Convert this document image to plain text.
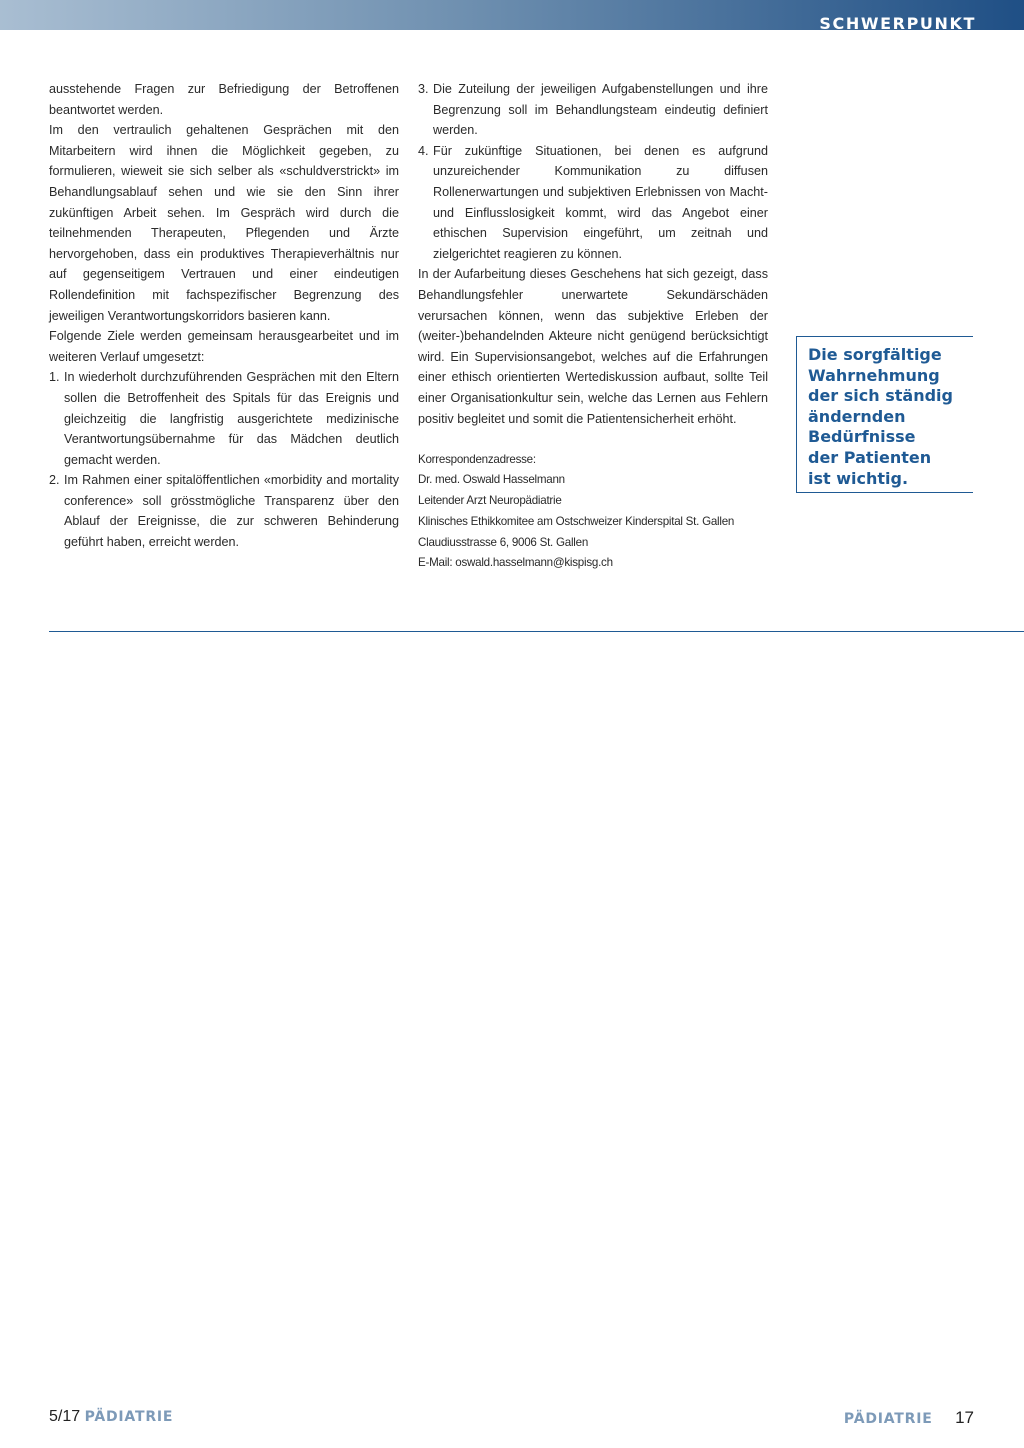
SCHWERPUNKT

ausstehende Fragen zur Befriedigung der Betroffenen beantwortet werden.

Im den vertraulich gehaltenen Gesprächen mit den Mitarbeitern wird ihnen die Möglichkeit gegeben, zu formulieren, wieweit sie sich selber als «schuldverstrickt» im Behandlungsablauf sehen und wie sie den Sinn ihrer zukünftigen Arbeit sehen. Im Gespräch wird durch die teilnehmenden Therapeuten, Pflegenden und Ärzte hervorgehoben, dass ein produktives Therapieverhältnis nur auf gegenseitigem Vertrauen und einer eindeutigen Rollendefinition mit fachspezifischer Begrenzung des jeweiligen Verantwortungskorridors basieren kann.

Folgende Ziele werden gemeinsam herausgearbeitet und im weiteren Verlauf umgesetzt:

1. In wiederholt durchzuführenden Gesprächen mit den Eltern sollen die Betroffenheit des Spitals für das Ereignis und gleichzeitig die langfristig ausgerichtete medizinische Verantwortungsübernahme für das Mädchen deutlich gemacht werden.
2. Im Rahmen einer spitalöffentlichen «morbidity and mortality conference» soll grösstmögliche Transparenz über den Ablauf der Ereignisse, die zur schweren Behinderung geführt haben, erreicht werden.
3. Die Zuteilung der jeweiligen Aufgabenstellungen und ihre Begrenzung soll im Behandlungsteam eindeutig definiert werden.
4. Für zukünftige Situationen, bei denen es aufgrund unzureichender Kommunikation zu diffusen Rollenerwartungen und subjektiven Erlebnissen von Macht- und Einflusslosigkeit kommt, wird das Angebot einer ethischen Supervision eingeführt, um zeitnah und zielgerichtet reagieren zu können.

In der Aufarbeitung dieses Geschehens hat sich gezeigt, dass Behandlungsfehler unerwartete Sekundärschäden verursachen können, wenn das subjektive Erleben der (weiter-)behandelnden Akteure nicht genügend berücksichtigt wird. Ein Supervisionsangebot, welches auf die Erfahrungen einer ethisch orientierten Wertediskussion aufbaut, sollte Teil einer Organisationkultur sein, welche das Lernen aus Fehlern positiv begleitet und somit die Patientensicherheit erhöht.

Korrespondenzadresse:
Dr. med. Oswald Hasselmann
Leitender Arzt Neuropädiatrie
Klinisches Ethikkomitee am Ostschweizer Kinderspital St. Gallen
Claudiusstrasse 6, 9006 St. Gallen
E-Mail: oswald.hasselmann@kispisg.ch
Die sorgfältige
Wahrnehmung
der sich ständig
ändernden
Bedürfnisse
der Patienten
ist wichtig.
5/17 PÄDIATRIE	PÄDIATRIE 17
